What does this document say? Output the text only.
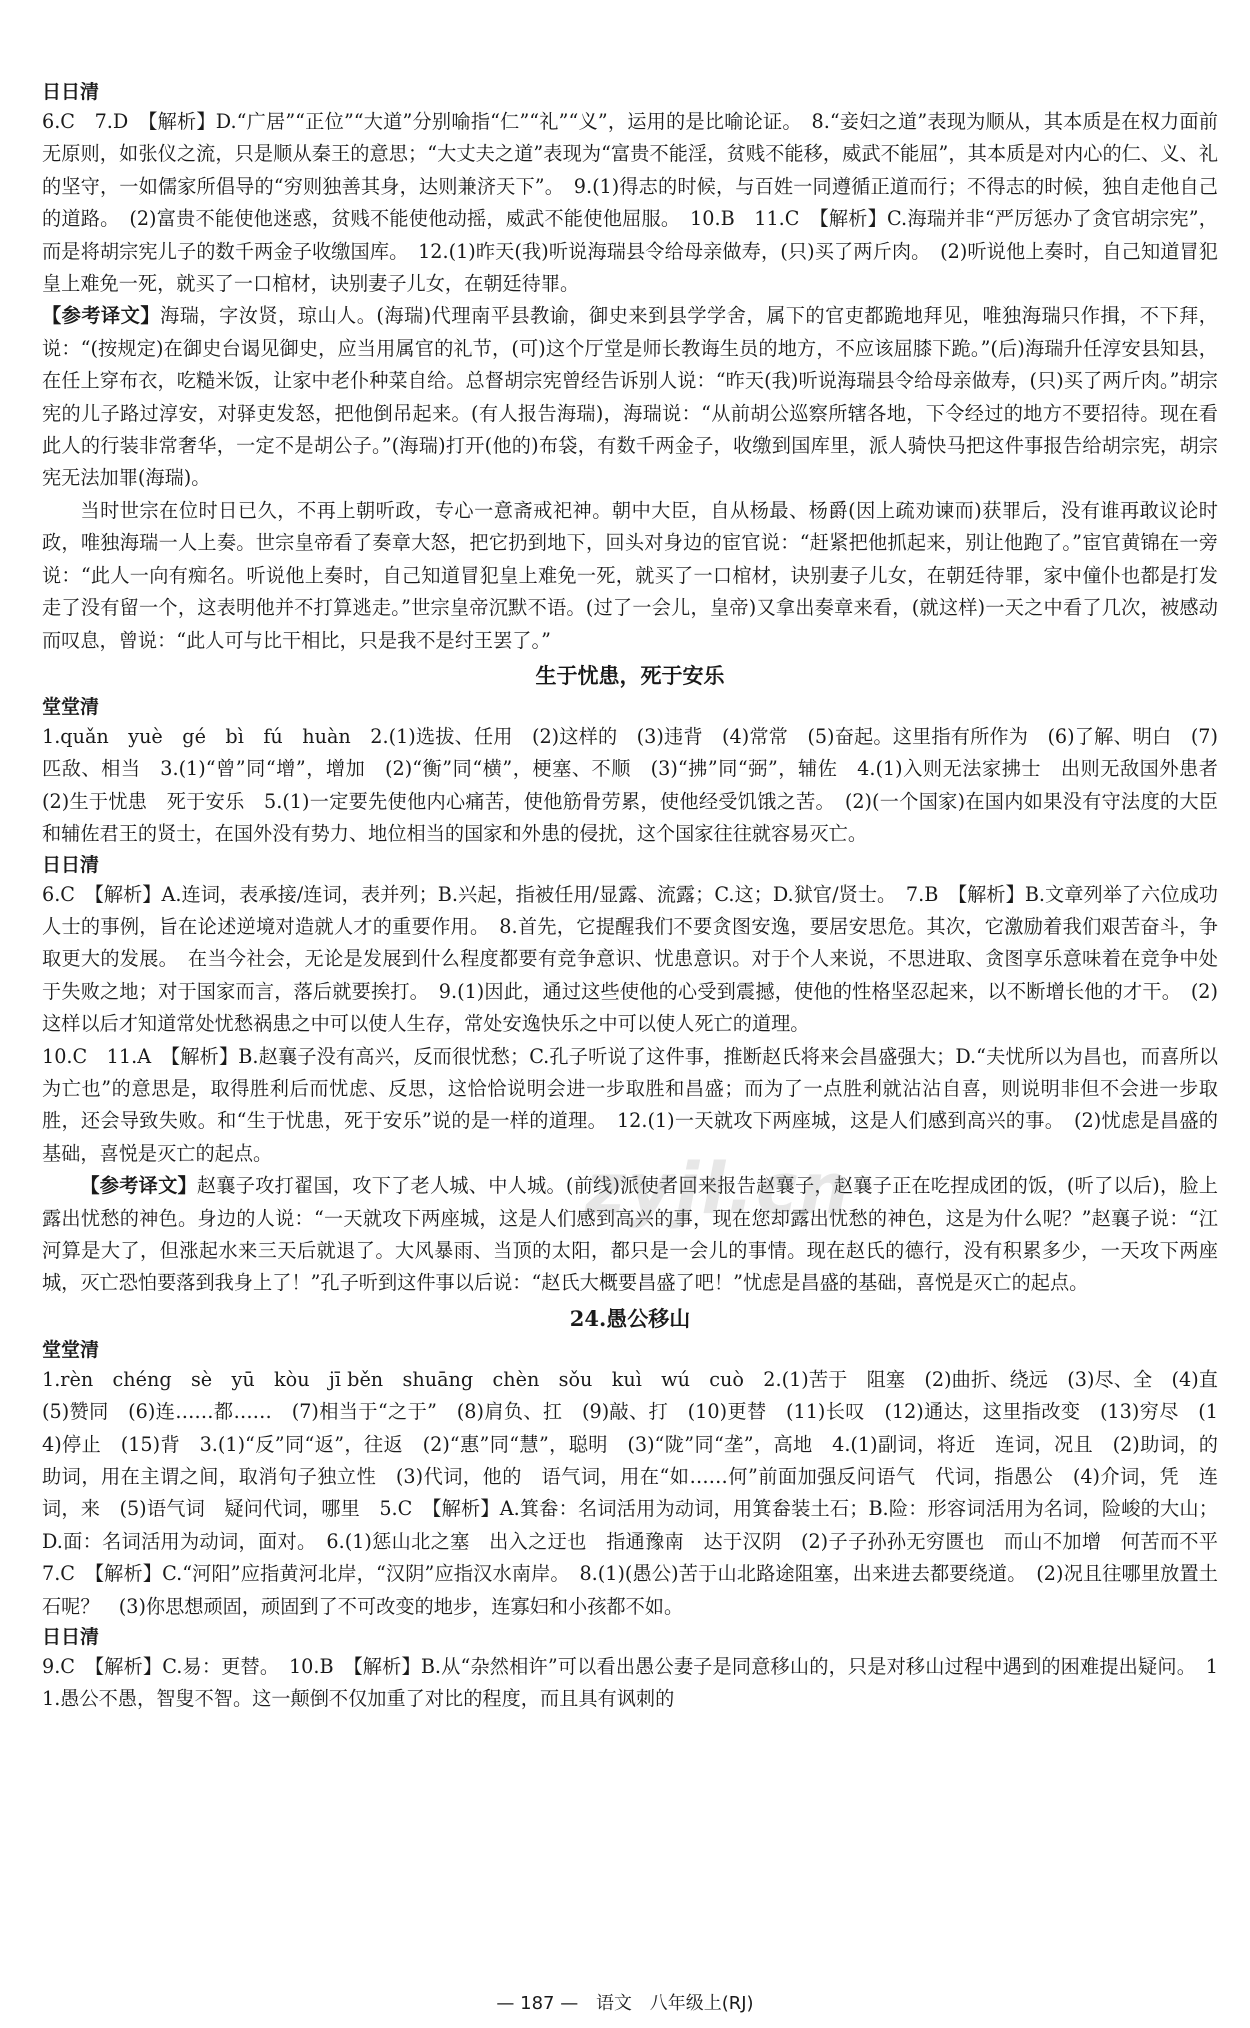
日日清

6.C　7.D　【解析】D.“广居”“正位”“大道”分别喻指“仁”“礼”“义”，运用的是比喻论证。　8.“妾妇之道”表现为顺从，其本质是在权力面前无原则，如张仪之流，只是顺从秦王的意思；“大丈夫之道”表现为“富贵不能淫，贫贱不能移，威武不能屈”，其本质是对内心的仁、义、礼的坚守，一如儒家所倡导的“穷则独善其身，达则兼济天下”。　9.(1)得志的时候，与百姓一同遵循正道而行；不得志的时候，独自走他自己的道路。　(2)富贵不能使他迷惑，贫贱不能使他动摇，威武不能使他屈服。　10.B　11.C　【解析】C.海瑞并非“严厉惩办了贪官胡宗宪”，而是将胡宗宪儿子的数千两金子收缴国库。　12.(1)昨天(我)听说海瑞县令给母亲做寿，(只)买了两斤肉。　(2)听说他上奏时，自己知道冒犯皇上难免一死，就买了一口棺材，诀别妻子儿女，在朝廷待罪。

【参考译文】海瑞，字汝贤，琼山人。(海瑞)代理南平县教谕，御史来到县学学舍，属下的官吏都跪地拜见，唯独海瑞只作揖，不下拜，说：“(按规定)在御史台谒见御史，应当用属官的礼节，(可)这个厅堂是师长教诲生员的地方，不应该屈膝下跪。”(后)海瑞升任淳安县知县，在任上穿布衣，吃糙米饭，让家中老仆种菜自给。总督胡宗宪曾经告诉别人说：“昨天(我)听说海瑞县令给母亲做寿，(只)买了两斤肉。”胡宗宪的儿子路过淳安，对驿吏发怒，把他倒吊起来。(有人报告海瑞)，海瑞说：“从前胡公巡察所辖各地，下令经过的地方不要招待。现在看此人的行装非常奢华，一定不是胡公子。”(海瑞)打开(他的)布袋，有数千两金子，收缴到国库里，派人骑快马把这件事报告给胡宗宪，胡宗宪无法加罪(海瑞)。

当时世宗在位时日已久，不再上朝听政，专心一意斋戒祀神。朝中大臣，自从杨最、杨爵(因上疏劝谏而)获罪后，没有谁再敢议论时政，唯独海瑞一人上奏。世宗皇帝看了奏章大怒，把它扔到地下，回头对身边的宦官说：“赶紧把他抓起来，别让他跑了。”宦官黄锦在一旁说：“此人一向有痴名。听说他上奏时，自己知道冒犯皇上难免一死，就买了一口棺材，诀别妻子儿女，在朝廷待罪，家中僮仆也都是打发走了没有留一个，这表明他并不打算逃走。”世宗皇帝沉默不语。(过了一会儿，皇帝)又拿出奏章来看，(就这样)一天之中看了几次，被感动而叹息，曾说：“此人可与比干相比，只是我不是纣王罢了。”

生于忧患，死于安乐
堂堂清

1.quǎn　yuè　gé　bì　fú　huàn　2.(1)选拔、任用　(2)这样的　(3)违背　(4)常常　(5)奋起。这里指有所作为　(6)了解、明白　(7)匹敌、相当　3.(1)“曾”同“增”，增加　(2)“衡”同“横”，梗塞、不顺　(3)“拂”同“弼”，辅佐　4.(1)入则无法家拂士　出则无敌国外患者　(2)生于忧患　死于安乐　5.(1)一定要先使他内心痛苦，使他筋骨劳累，使他经受饥饿之苦。　(2)(一个国家)在国内如果没有守法度的大臣和辅佐君王的贤士，在国外没有势力、地位相当的国家和外患的侵扰，这个国家往往就容易灭亡。

日日清

6.C　【解析】A.连词，表承接/连词，表并列；B.兴起，指被任用/显露、流露；C.这；D.狱官/贤士。　7.B　【解析】B.文章列举了六位成功人士的事例，旨在论述逆境对造就人才的重要作用。　8.首先，它提醒我们不要贪图安逸，要居安思危。其次，它激励着我们艰苦奋斗，争取更大的发展。　在当今社会，无论是发展到什么程度都要有竞争意识、忧患意识。对于个人来说，不思进取、贪图享乐意味着在竞争中处于失败之地；对于国家而言，落后就要挨打。　9.(1)因此，通过这些使他的心受到震撼，使他的性格坚忍起来，以不断增长他的才干。　(2)这样以后才知道常处忧愁祸患之中可以使人生存，常处安逸快乐之中可以使人死亡的道理。

10.C　11.A　【解析】B.赵襄子没有高兴，反而很忧愁；C.孔子听说了这件事，推断赵氏将来会昌盛强大；D.“夫忧所以为昌也，而喜所以为亡也”的意思是，取得胜利后而忧虑、反思，这恰恰说明会进一步取胜和昌盛；而为了一点胜利就沾沾自喜，则说明非但不会进一步取胜，还会导致失败。和“生于忧患，死于安乐”说的是一样的道理。　12.(1)一天就攻下两座城，这是人们感到高兴的事。　(2)忧虑是昌盛的基础，喜悦是灭亡的起点。

【参考译文】赵襄子攻打翟国，攻下了老人城、中人城。(前线)派使者回来报告赵襄子，赵襄子正在吃捏成团的饭，(听了以后)，脸上露出忧愁的神色。身边的人说：“一天就攻下两座城，这是人们感到高兴的事，现在您却露出忧愁的神色，这是为什么呢？”赵襄子说：“江河算是大了，但涨起水来三天后就退了。大风暴雨、当顶的太阳，都只是一会儿的事情。现在赵氏的德行，没有积累多少，一天攻下两座城，灭亡恐怕要落到我身上了！”孔子听到这件事以后说：“赵氏大概要昌盛了吧！”忧虑是昌盛的基础，喜悦是灭亡的起点。

24.愚公移山
堂堂清

1.rèn　chéng　sè　yū　kòu　jī běn　shuāng　chèn　sǒu　kuì　wú　cuò　2.(1)苦于　阻塞　(2)曲折、绕远　(3)尽、全　(4)直　(5)赞同　(6)连……都……　(7)相当于“之于”　(8)肩负、扛　(9)敲、打　(10)更替　(11)长叹　(12)通达，这里指改变　(13)穷尽　(14)停止　(15)背　3.(1)“反”同“返”，往返　(2)“惠”同“慧”，聪明　(3)“陇”同“垄”，高地　4.(1)副词，将近　连词，况且　(2)助词，的　助词，用在主谓之间，取消句子独立性　(3)代词，他的　语气词，用在“如……何”前面加强反问语气　代词，指愚公　(4)介词，凭　连词，来　(5)语气词　疑问代词，哪里　5.C　【解析】A.箕畚：名词活用为动词，用箕畚装土石；B.险：形容词活用为名词，险峻的大山；D.面：名词活用为动词，面对。　6.(1)惩山北之塞　出入之迂也　指通豫南　达于汉阴　(2)子子孙孙无穷匮也　而山不加增　何苦而不平　7.C　【解析】C.“河阳”应指黄河北岸，“汉阴”应指汉水南岸。　8.(1)(愚公)苦于山北路途阻塞，出来进去都要绕道。　(2)况且往哪里放置土石呢？　(3)你思想顽固，顽固到了不可改变的地步，连寡妇和小孩都不如。

日日清

9.C　【解析】C.易：更替。　10.B　【解析】B.从“杂然相许”可以看出愚公妻子是同意移山的，只是对移山过程中遇到的困难提出疑问。　11.愚公不愚，智叟不智。这一颠倒不仅加重了对比的程度，而且具有讽刺的

zyjl.cn
— 187 — 语文 八年级上(RJ)
